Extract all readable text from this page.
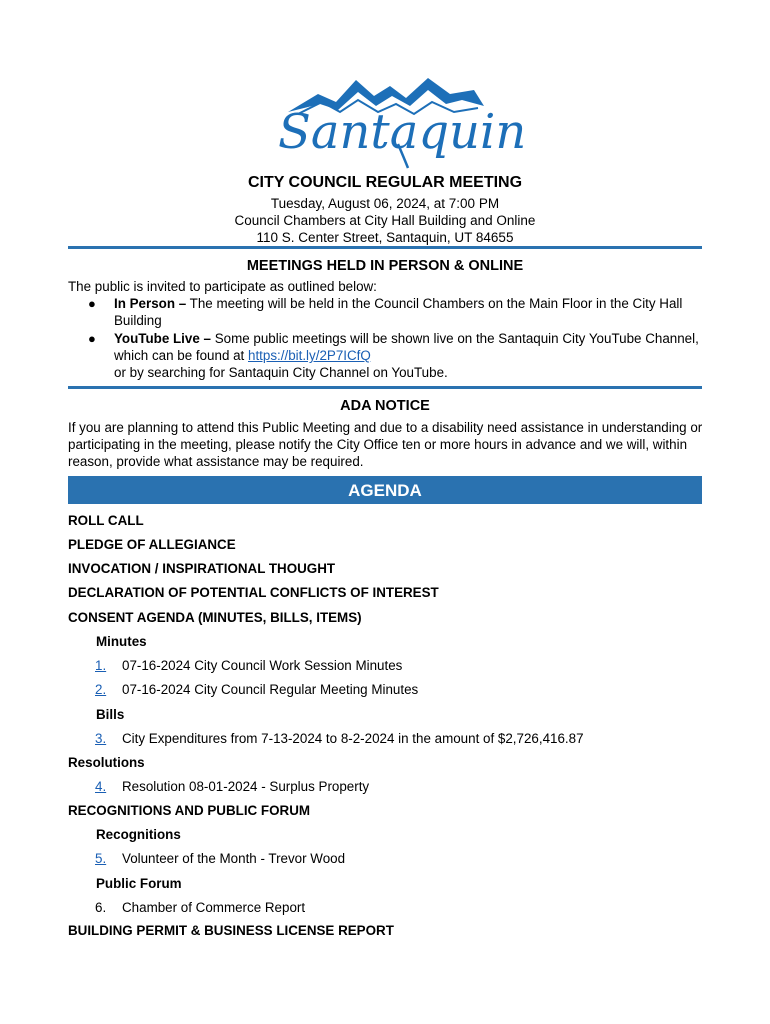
Santaquin
CITY COUNCIL REGULAR MEETING
Tuesday, August 06, 2024, at 7:00 PM
Council Chambers at City Hall Building and Online
110 S. Center Street, Santaquin, UT 84655
MEETINGS HELD IN PERSON & ONLINE
The public is invited to participate as outlined below:
● In Person – The meeting will be held in the Council Chambers on the Main Floor in the City Hall Building
● YouTube Live – Some public meetings will be shown live on the Santaquin City YouTube Channel, which can be found at https://bit.ly/2P7ICfQ
or by searching for Santaquin City Channel on YouTube.
ADA NOTICE
If you are planning to attend this Public Meeting and due to a disability need assistance in understanding or participating in the meeting, please notify the City Office ten or more hours in advance and we will, within reason, provide what assistance may be required.
AGENDA
ROLL CALL
PLEDGE OF ALLEGIANCE
INVOCATION / INSPIRATIONAL THOUGHT
DECLARATION OF POTENTIAL CONFLICTS OF INTEREST
CONSENT AGENDA (MINUTES, BILLS, ITEMS)
Minutes
1. 07-16-2024 City Council Work Session Minutes
2. 07-16-2024 City Council Regular Meeting Minutes
Bills
3. City Expenditures from 7-13-2024 to 8-2-2024 in the amount of $2,726,416.87
Resolutions
4. Resolution 08-01-2024 - Surplus Property
RECOGNITIONS AND PUBLIC FORUM
Recognitions
5. Volunteer of the Month - Trevor Wood
Public Forum
6. Chamber of Commerce Report
BUILDING PERMIT & BUSINESS LICENSE REPORT
